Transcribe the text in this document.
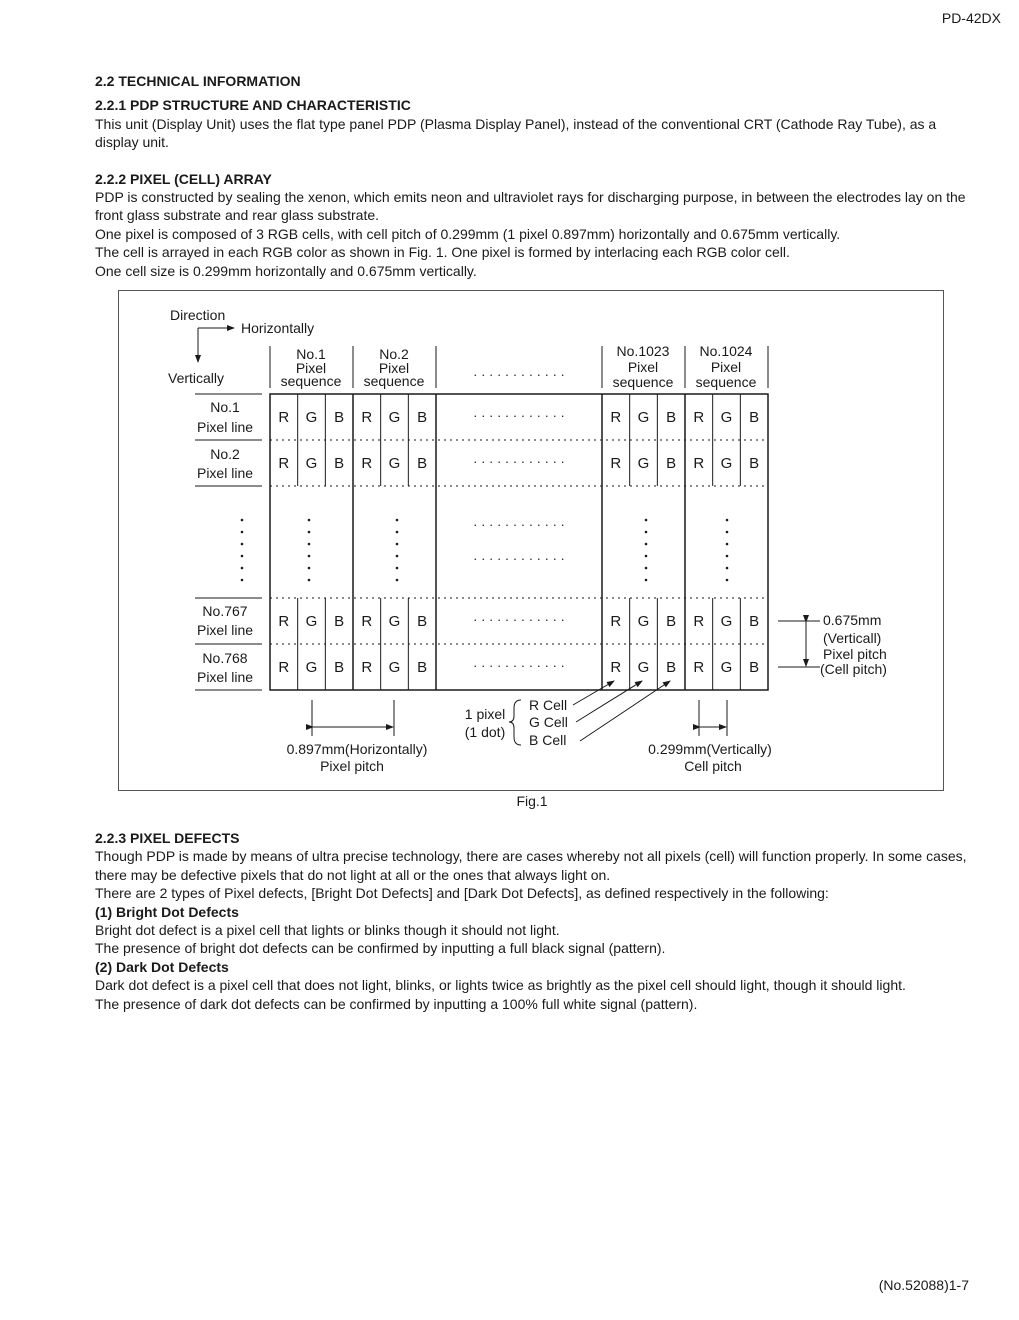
PD-42DX

2.2 TECHNICAL INFORMATION

2.2.1 PDP STRUCTURE AND CHARACTERISTIC

This unit (Display Unit) uses the flat type panel PDP (Plasma Display Panel), instead of the conventional CRT (Cathode Ray Tube), as a display unit.

2.2.2 PIXEL (CELL) ARRAY

PDP is constructed by sealing the xenon, which emits neon and ultraviolet rays for discharging purpose, in between the electrodes lay on the front glass substrate and rear glass substrate.

One pixel is composed of 3 RGB cells, with cell pitch of 0.299mm (1 pixel 0.897mm) horizontally and 0.675mm vertically.

The cell is arrayed in each RGB color as shown in Fig. 1. One pixel is formed by interlacing each RGB color cell.

One cell size is 0.299mm horizontally and 0.675mm vertically.

Direction
Horizontally
Vertically
No.1
Pixel
sequence
No.2
Pixel
sequence
No.1023
Pixel
sequence
No.1024
Pixel
sequence
· · · · · · · · · · · ·
No.1
Pixel line
No.2
Pixel line
No.767
Pixel line
No.768
Pixel line
R G B
R G B
R G B
R G B
R G B
R G B
R G B
R G B
R G B
R G B
R G B
R G B
R G B
R G B
R G B
R G B
· · · · · · · · · · · ·
· · · · · · · · · · · ·
· · · · · · · · · · · ·
· · · · · · · · · · · ·
· · · · · · · · · · · ·
· · · · · · · · · · · ·
0.675mm
(Verticall)
Pixel pitch
(Cell pitch)
0.897mm(Horizontally)
Pixel pitch
0.299mm(Vertically)
Cell pitch
1 pixel
(1 dot)
R Cell
G Cell
B Cell
Fig.1

2.2.3 PIXEL DEFECTS

Though PDP is made by means of ultra precise technology, there are cases whereby not all pixels (cell) will function properly. In some cases, there may be defective pixels that do not light at all or the ones that always light on.

There are 2 types of Pixel defects, [Bright Dot Defects] and [Dark Dot Defects], as defined respectively in the following:

(1) Bright Dot Defects

Bright dot defect is a pixel cell that lights or blinks though it should not light.

The presence of bright dot defects can be confirmed by inputting a full black signal (pattern).

(2) Dark Dot Defects

Dark dot defect is a pixel cell that does not light, blinks, or lights twice as brightly as the pixel cell should light, though it should light.

The presence of dark dot defects can be confirmed by inputting a 100% full white signal (pattern).

(No.52088)1-7
